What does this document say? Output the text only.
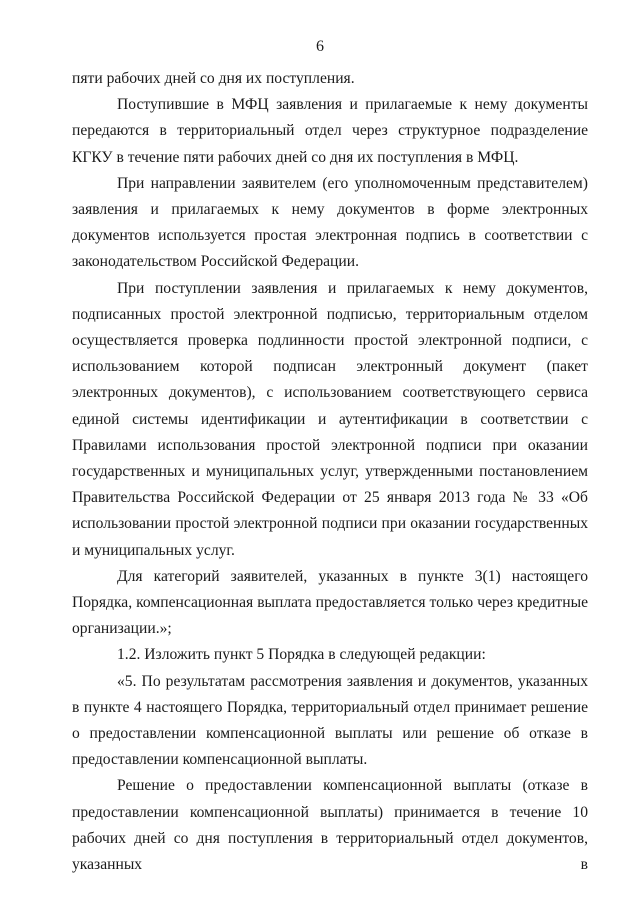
6

пяти рабочих дней со дня их поступления.

Поступившие в МФЦ заявления и прилагаемые к нему документы передаются в территориальный отдел через структурное подразделение КГКУ в течение пяти рабочих дней со дня их поступления в МФЦ.

При направлении заявителем (его уполномоченным представителем) заявления и прилагаемых к нему документов в форме электронных документов используется простая электронная подпись в соответствии с законодательством Российской Федерации.

При поступлении заявления и прилагаемых к нему документов, подписанных простой электронной подписью, территориальным отделом осуществляется проверка подлинности простой электронной подписи, с использованием которой подписан электронный документ (пакет электронных документов), с использованием соответствующего сервиса единой системы идентификации и аутентификации в соответствии с Правилами использования простой электронной подписи при оказании государственных и муниципальных услуг, утвержденными постановлением Правительства Российской Федерации от 25 января 2013 года № 33 «Об использовании простой электронной подписи при оказании государственных и муниципальных услуг.

Для категорий заявителей, указанных в пункте 3(1) настоящего Порядка, компенсационная выплата предоставляется только через кредитные организации.»;

1.2. Изложить пункт 5 Порядка в следующей редакции:

«5. По результатам рассмотрения заявления и документов, указанных в пункте 4 настоящего Порядка, территориальный отдел принимает решение о предоставлении компенсационной выплаты или решение об отказе в предоставлении компенсационной выплаты.

Решение о предоставлении компенсационной выплаты (отказе в предоставлении компенсационной выплаты) принимается в течение 10 рабочих дней со дня поступления в территориальный отдел документов, указанных в
